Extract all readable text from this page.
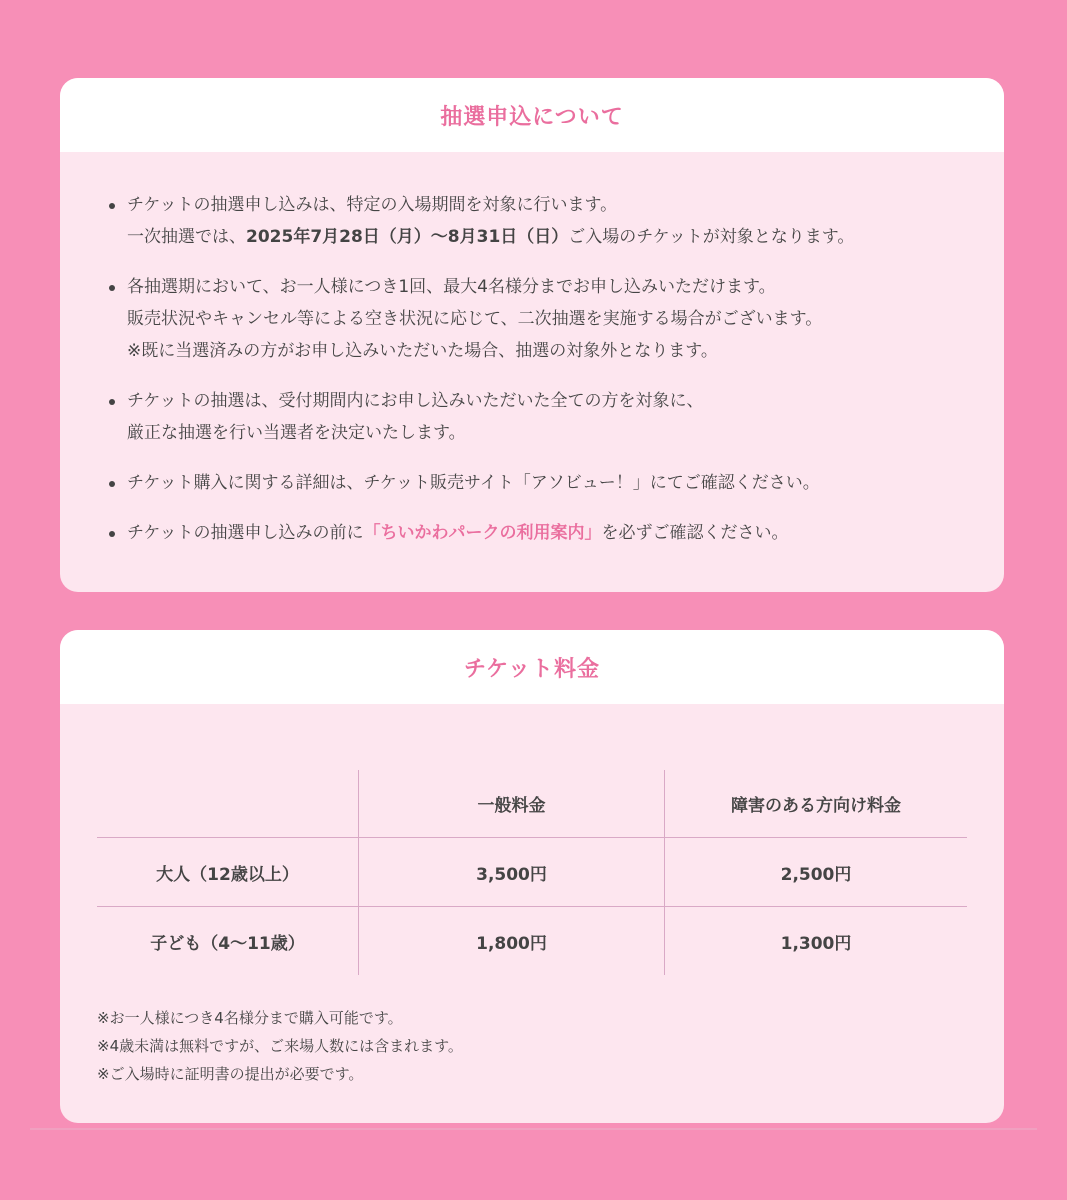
抽選申込について
チケットの抽選申し込みは、特定の入場期間を対象に行います。
一次抽選では、2025年7月28日（月）〜8月31日（日）ご入場のチケットが対象となります。
各抽選期において、お一人様につき1回、最大4名様分までお申し込みいただけます。
販売状況やキャンセル等による空き状況に応じて、二次抽選を実施する場合がございます。
※既に当選済みの方がお申し込みいただいた場合、抽選の対象外となります。
チケットの抽選は、受付期間内にお申し込みいただいた全ての方を対象に、
厳正な抽選を行い当選者を決定いたします。
チケット購入に関する詳細は、チケット販売サイト「アソビュー！」にてご確認ください。
チケットの抽選申し込みの前に「ちいかわパークの利用案内」を必ずご確認ください。
チケット料金
	一般料金	障害のある方向け料金
大人（12歳以上）	3,500円	2,500円
子ども（4〜11歳）	1,800円	1,300円
※お一人様につき4名様分まで購入可能です。
※4歳未満は無料ですが、ご来場人数には含まれます。
※ご入場時に証明書の提出が必要です。
